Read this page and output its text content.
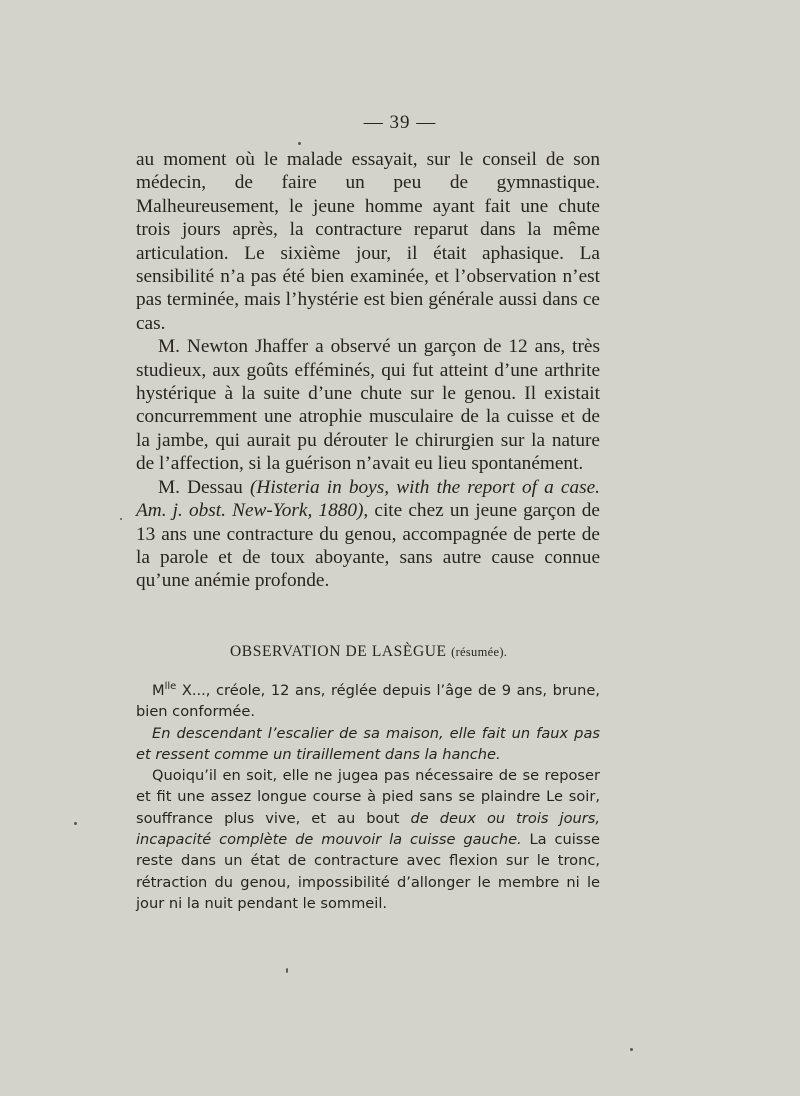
— 39 —

au moment où le malade essayait, sur le conseil de son médecin, de faire un peu de gymnastique. Malheureusement, le jeune homme ayant fait une chute trois jours après, la contracture reparut dans la même articulation. Le sixième jour, il était aphasique. La sensibilité n’a pas été bien examinée, et l’observation n’est pas terminée, mais l’hystérie est bien générale aussi dans ce cas.

M. Newton Jhaffer a observé un garçon de 12 ans, très studieux, aux goûts efféminés, qui fut atteint d’une arthrite hystérique à la suite d’une chute sur le genou. Il existait concurremment une atrophie musculaire de la cuisse et de la jambe, qui aurait pu dérouter le chirurgien sur la nature de l’affection, si la guérison n’avait eu lieu spontanément.

M. Dessau (Histeria in boys, with the report of a case. Am. j. obst. New-York, 1880), cite chez un jeune garçon de 13 ans une contracture du genou, accompagnée de perte de la parole et de toux aboyante, sans autre cause connue qu’une anémie profonde.

OBSERVATION DE LASÈGUE (résumée).

$M^{lle}$ X..., créole, 12 ans, réglée depuis l’âge de 9 ans, brune, bien conformée.

En descendant l’escalier de sa maison, elle fait un faux pas et ressent comme un tiraillement dans la hanche.

Quoiqu’il en soit, elle ne jugea pas nécessaire de se reposer et fit une assez longue course à pied sans se plaindre Le soir, souffrance plus vive, et au bout de deux ou trois jours, incapacité complète de mouvoir la cuisse gauche. La cuisse reste dans un état de contracture avec flexion sur le tronc, rétraction du genou, impossibilité d’allonger le membre ni le jour ni la nuit pendant le sommeil.
